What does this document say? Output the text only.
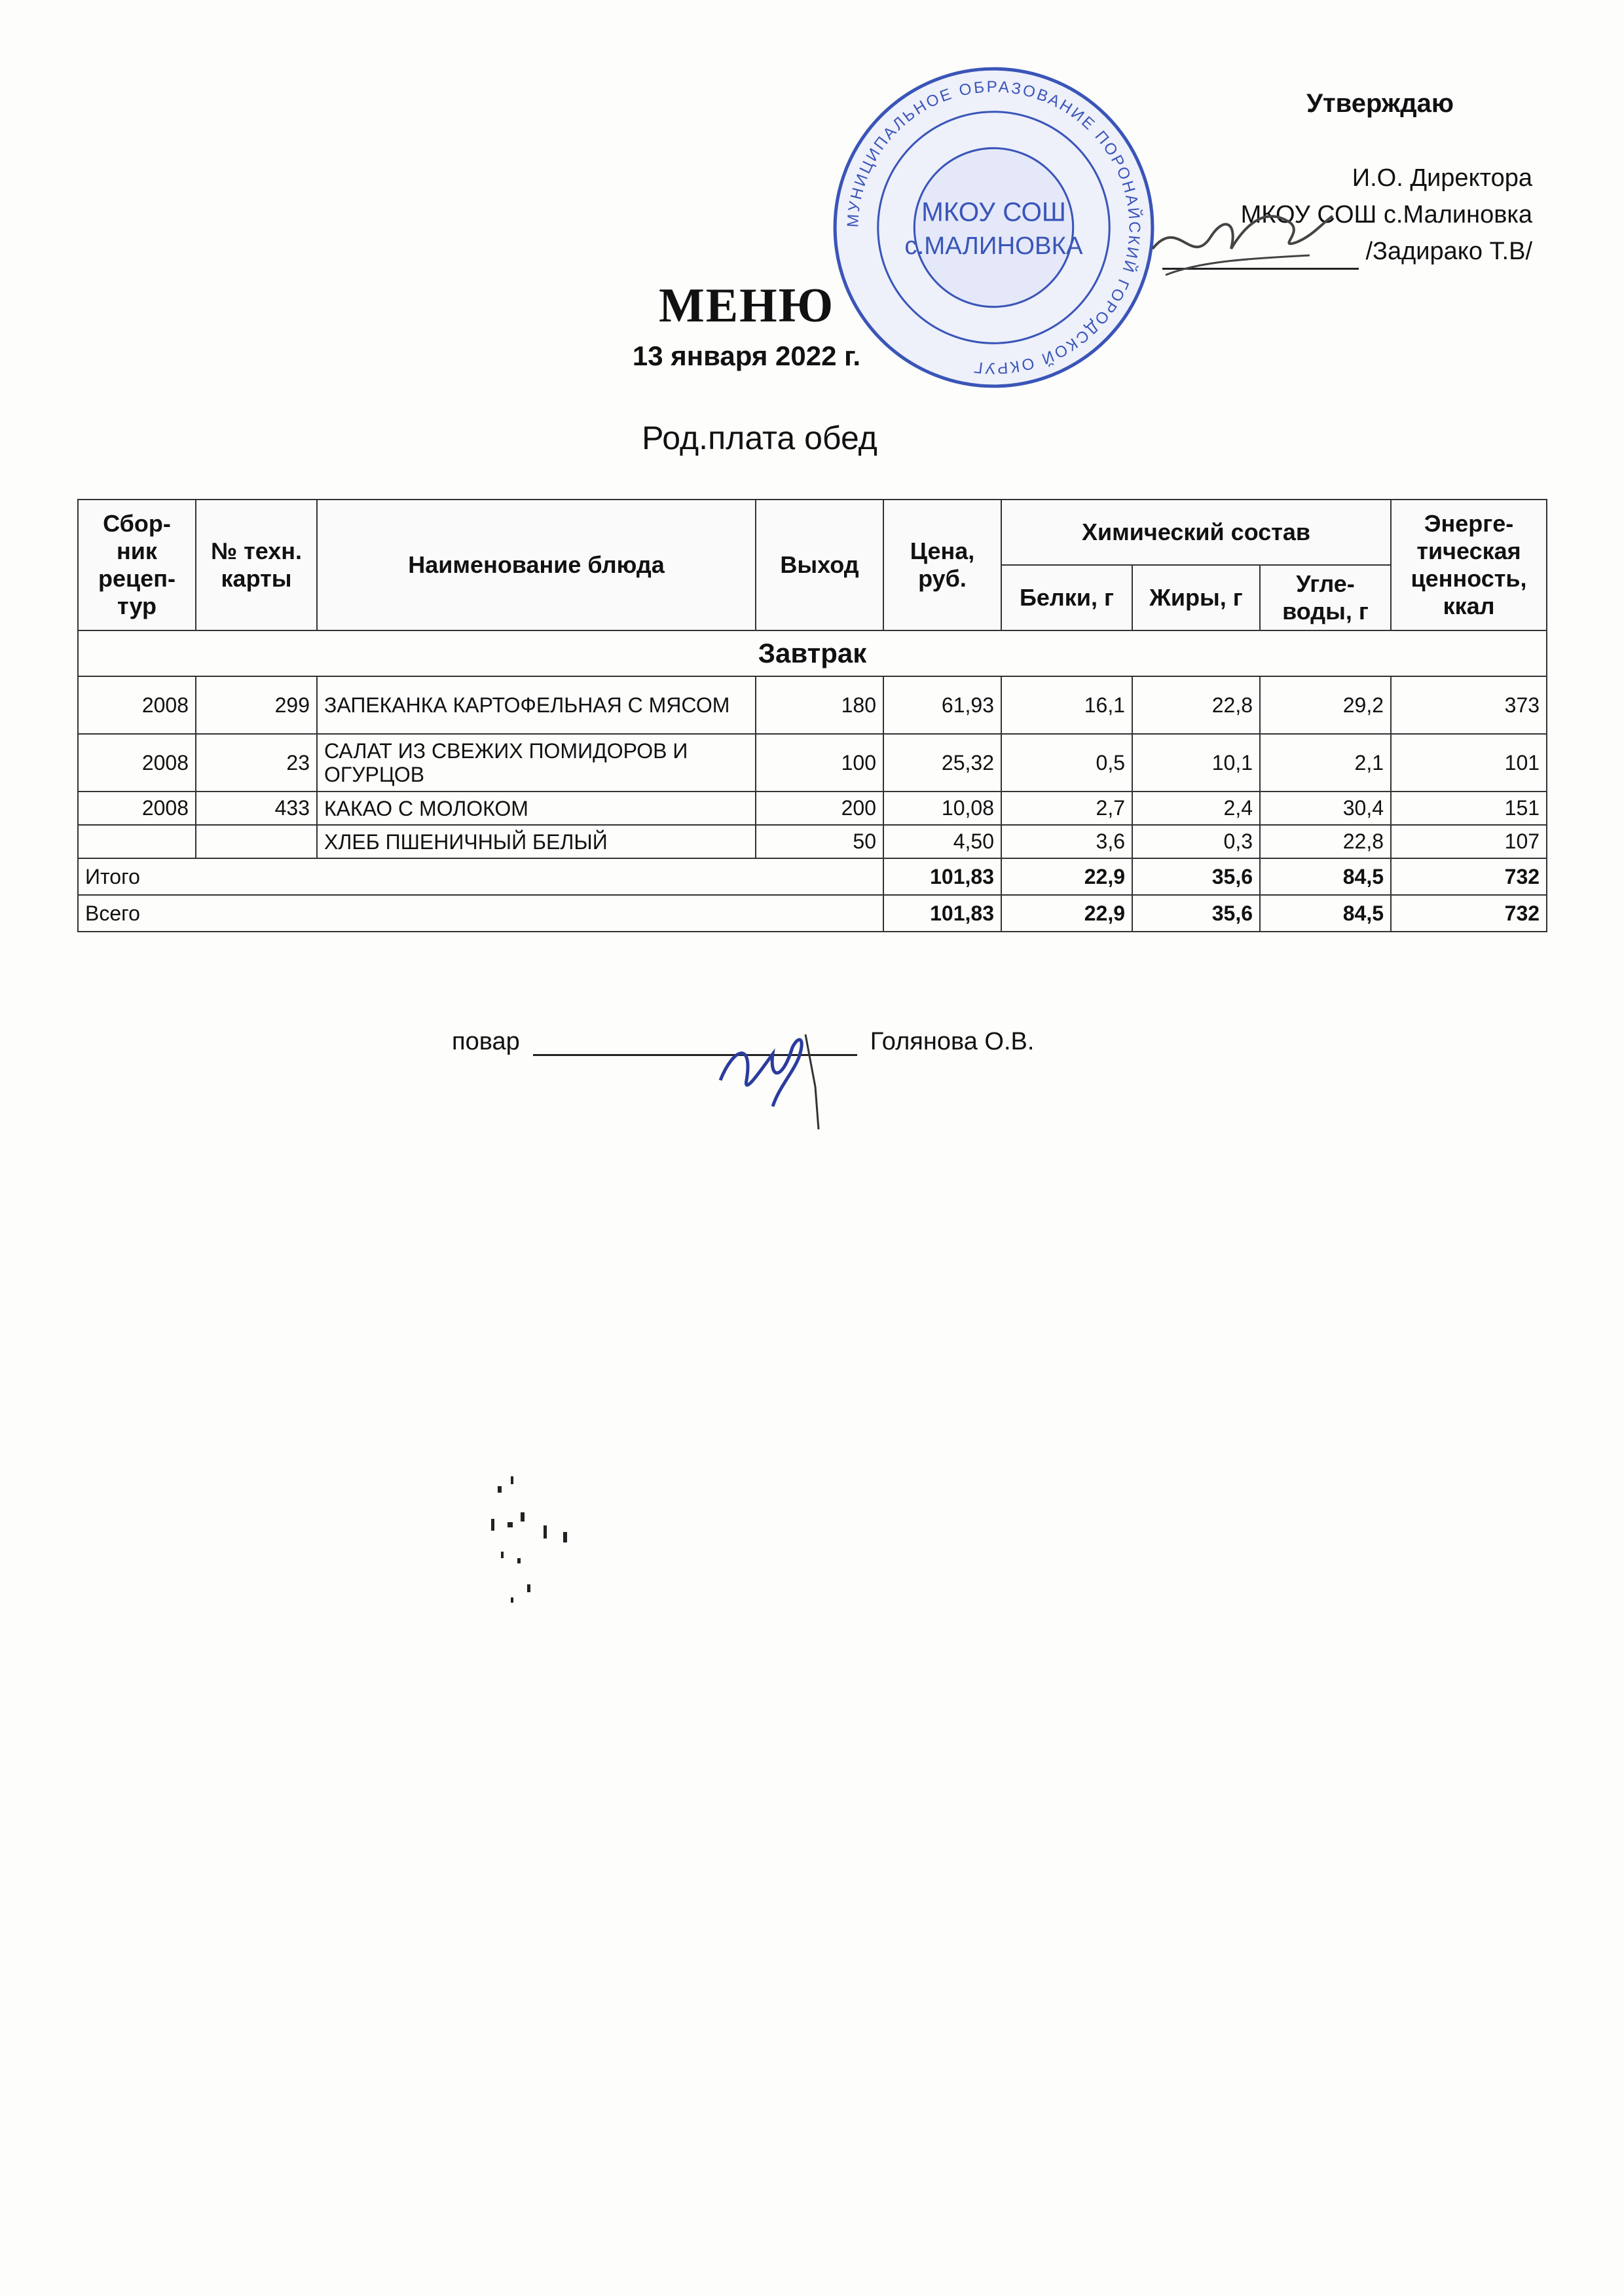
Утверждаю
И.О. Директора
МКОУ СОШ с.Малиновка
/Задирако Т.В/
МУНИЦИПАЛЬНОЕ ОБРАЗОВАНИЕ ПОРОНАЙСКИЙ ГОРОДСКОЙ ОКРУГ
МКОУ СОШ
с.МАЛИНОВКА
МЕНЮ
13 января 2022 г.
Род.плата обед
Сбор-ник рецеп-тур	№ техн. карты	Наименование блюда	Выход	Цена, руб.	Химический состав			Энерге-тическая ценность, ккал
					Белки, г	Жиры, г	Угле-воды, г	
Завтрак								
2008	299	ЗАПЕКАНКА КАРТОФЕЛЬНАЯ С МЯСОМ	180	61,93	16,1	22,8	29,2	373
2008	23	САЛАТ ИЗ СВЕЖИХ ПОМИДОРОВ И ОГУРЦОВ	100	25,32	0,5	10,1	2,1	101
2008	433	КАКАО С МОЛОКОМ	200	10,08	2,7	2,4	30,4	151
		ХЛЕБ ПШЕНИЧНЫЙ БЕЛЫЙ	50	4,50	3,6	0,3	22,8	107
Итого				101,83	22,9	35,6	84,5	732
Всего				101,83	22,9	35,6	84,5	732
повар	Голянова О.В.
